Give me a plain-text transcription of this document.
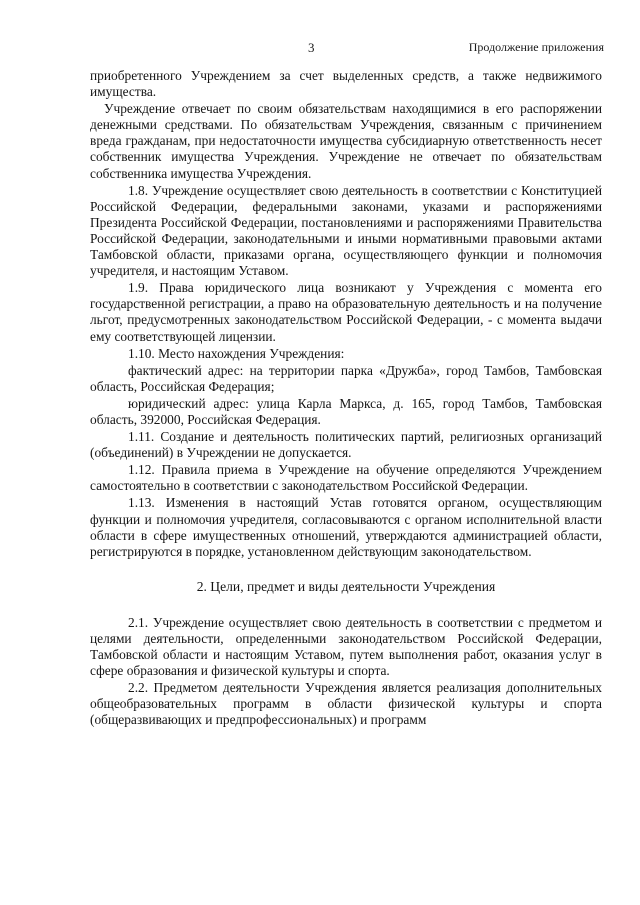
3	Продолжение приложения

приобретенного Учреждением за счет выделенных средств, а также недвижимого имущества.

Учреждение отвечает по своим обязательствам находящимися в его распоряжении денежными средствами. По обязательствам Учреждения, связанным с причинением вреда гражданам, при недостаточности имущества субсидиарную ответственность несет собственник имущества Учреждения. Учреждение не отвечает по обязательствам собственника имущества Учреждения.

1.8. Учреждение осуществляет свою деятельность в соответствии с Конституцией Российской Федерации, федеральными законами, указами и распоряжениями Президента Российской Федерации, постановлениями и распоряжениями Правительства Российской Федерации, законодательными и иными нормативными правовыми актами Тамбовской области, приказами органа, осуществляющего функции и полномочия учредителя, и настоящим Уставом.

1.9. Права юридического лица возникают у Учреждения с момента его государственной регистрации, а право на образовательную деятельность и на получение льгот, предусмотренных законодательством Российской Федерации, - с момента выдачи ему соответствующей лицензии.

1.10. Место нахождения Учреждения:

фактический адрес: на территории парка «Дружба», город Тамбов, Тамбовская область, Российская Федерация;

юридический адрес: улица Карла Маркса, д. 165, город Тамбов, Тамбовская область, 392000, Российская Федерация.

1.11. Создание и деятельность политических партий, религиозных организаций (объединений) в Учреждении не допускается.

1.12. Правила приема в Учреждение на обучение определяются Учреждением самостоятельно в соответствии с законодательством Российской Федерации.

1.13. Изменения в настоящий Устав готовятся органом, осуществляющим функции и полномочия учредителя, согласовываются с органом исполнительной власти области в сфере имущественных отношений, утверждаются администрацией области, регистрируются в порядке, установленном действующим законодательством.

2. Цели, предмет и виды деятельности Учреждения

2.1. Учреждение осуществляет свою деятельность в соответствии с предметом и целями деятельности, определенными законодательством Российской Федерации, Тамбовской области и настоящим Уставом, путем выполнения работ, оказания услуг в сфере образования и физической культуры и спорта.

2.2. Предметом деятельности Учреждения является реализация дополнительных общеобразовательных программ в области физической культуры и спорта (общеразвивающих и предпрофессиональных) и программ
